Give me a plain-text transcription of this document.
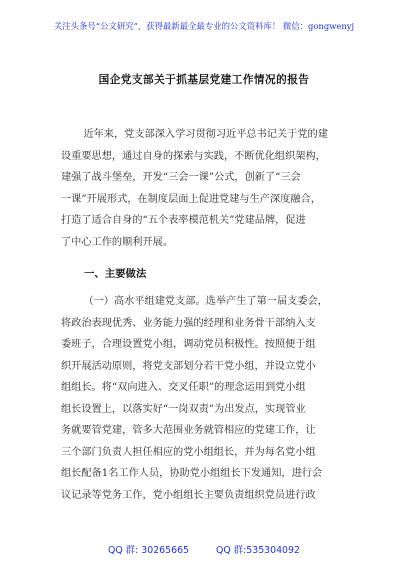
关注头条号“公文研究”，获得最新最全最专业的公文资料库！ 微信：gongwenyj
国企党支部关于抓基层党建工作情况的报告
近年来，党支部深入学习贯彻习近平总书记关于党的建
设重要思想，通过自身的探索与实践，不断优化组织架构，
建强了战斗堡垒，开发“三会一课”公式，创新了“三会
一课”开展形式，在制度层面上促进党建与生产深度融合，
打造了适合自身的“五个表率模范机关”党建品牌，促进
了中心工作的顺利开展。
一、主要做法
（一）高水平组建党支部。选举产生了第一届支委会，
将政治表现优秀、业务能力强的经理和业务骨干部纳入支
委班子，合理设置党小组，调动党员积极性。按照便于组
织开展活动原则，将党支部划分若干党小组，并设立党小
组组长。将“双向进入、交叉任职”的理念运用到党小组
组长设置上，以落实好“一岗双责”为出发点，实现管业
务就要管党建，管多大范围业务就管相应的党建工作，让
三个部门负责人担任相应的党小组组长，并为每名党小组
组长配备1名工作人员，协助党小组组长下发通知，进行会
议记录等党务工作，党小组组长主要负责组织党员进行政
QQ 群: 30265665	QQ 群:535304092
